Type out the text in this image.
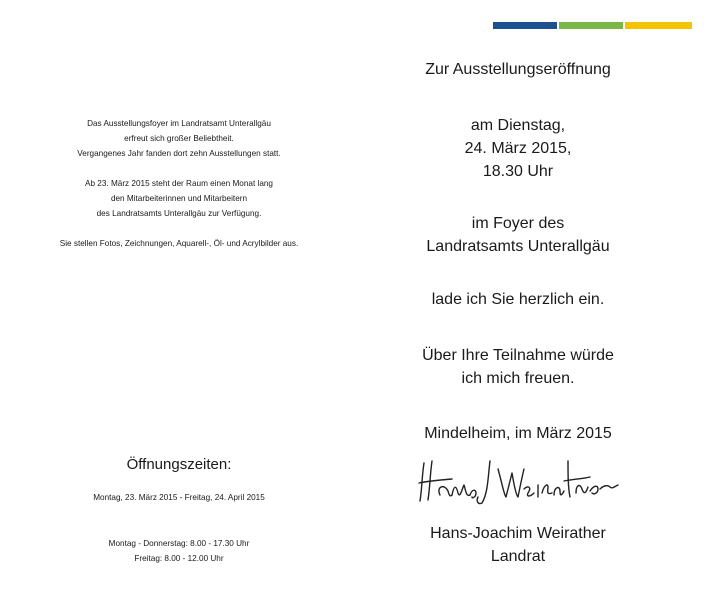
Das Ausstellungsfoyer im Landratsamt Unterallgäu

erfreut sich großer Beliebtheit.

Vergangenes Jahr fanden dort zehn Ausstellungen statt.

Ab 23. März 2015 steht der Raum einen Monat lang

den Mitarbeiterinnen und Mitarbeitern

des Landratsamts Unterallgäu zur Verfügung.

Sie stellen Fotos, Zeichnungen, Aquarell-, Öl- und Acrylbilder aus.

Öffnungszeiten:
Montag, 23. März 2015 - Freitag, 24. April 2015

Montag - Donnerstag: 8.00 - 17.30 Uhr

Freitag: 8.00 - 12.00 Uhr

Zur Ausstellungseröffnung

am Dienstag,

24. März 2015,

18.30 Uhr

im Foyer des

Landratsamts Unterallgäu

lade ich Sie herzlich ein.

Über Ihre Teilnahme würde

ich mich freuen.

Mindelheim, im März 2015

Hans-Joachim Weirather

Landrat
